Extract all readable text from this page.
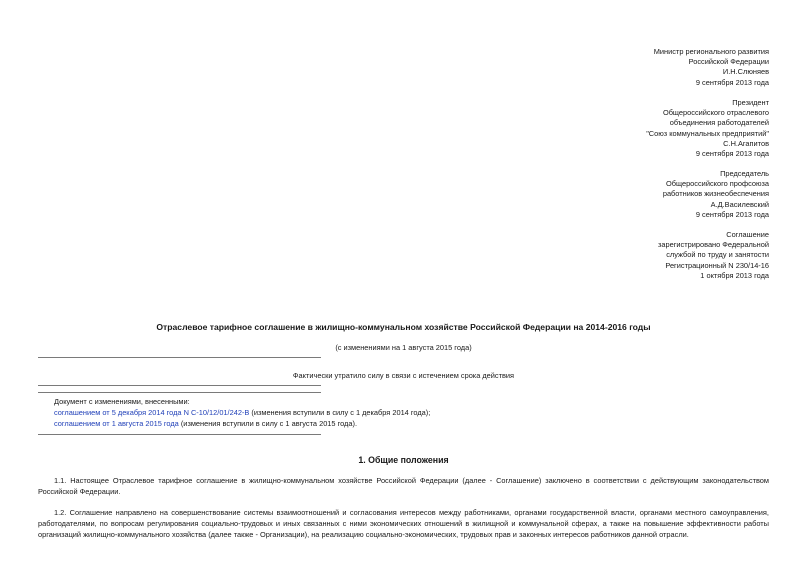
Министр регионального развития
Российской Федерации
И.Н.Слюняев
9 сентября 2013 года
Президент
Общероссийского отраслевого
объединения работодателей
"Союз коммунальных предприятий"
С.Н.Агапитов
9 сентября 2013 года
Председатель
Общероссийского профсоюза
работников жизнеобеспечения
А.Д.Василевский
9 сентября 2013 года
Соглашение
зарегистрировано Федеральной
службой по труду и занятости
Регистрационный N 230/14-16
1 октября 2013 года
Отраслевое тарифное соглашение в жилищно-коммунальном хозяйстве Российской Федерации на 2014-2016 годы
(с изменениями на 1 августа 2015 года)
Фактически утратило силу в связи с истечением срока действия
Документ с изменениями, внесенными:
соглашением от 5 декабря 2014 года N С-10/12/01/242-В (изменения вступили в силу с 1 декабря 2014 года);
соглашением от 1 августа 2015 года (изменения вступили в силу с 1 августа 2015 года).
1. Общие положения
1.1. Настоящее Отраслевое тарифное соглашение в жилищно-коммунальном хозяйстве Российской Федерации (далее - Соглашение) заключено в соответствии с действующим законодательством Российской Федерации.
1.2. Соглашение направлено на совершенствование системы взаимоотношений и согласования интересов между работниками, органами государственной власти, органами местного самоуправления, работодателями, по вопросам регулирования социально-трудовых и иных связанных с ними экономических отношений в жилищной и коммунальной сферах, а также на повышение эффективности работы организаций жилищно-коммунального хозяйства (далее также - Организации), на реализацию социально-экономических, трудовых прав и законных интересов работников данной отрасли.
